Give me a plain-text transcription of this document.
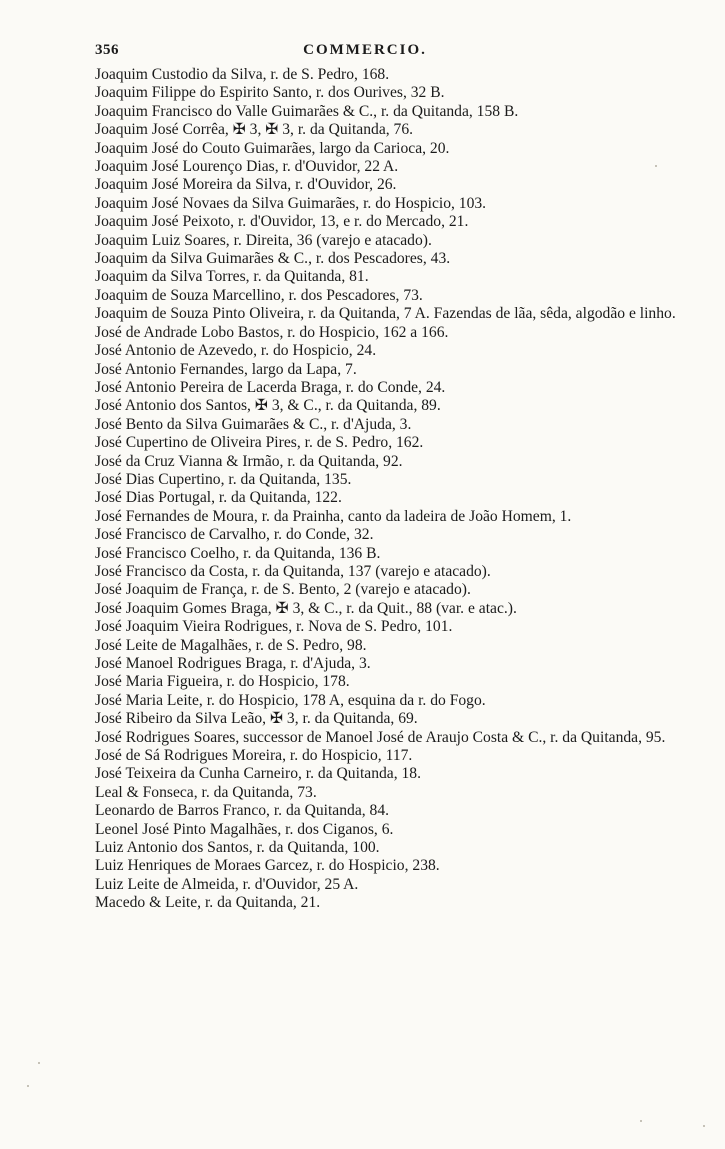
356	COMMERCIO.
Joaquim Custodio da Silva, r. de S. Pedro, 168.
Joaquim Filippe do Espirito Santo, r. dos Ourives, 32 B.
Joaquim Francisco do Valle Guimarães & C., r. da Quitanda, 158 B.
Joaquim José Corrêa, ✠ 3, ✠ 3, r. da Quitanda, 76.
Joaquim José do Couto Guimarães, largo da Carioca, 20.
Joaquim José Lourenço Dias, r. d'Ouvidor, 22 A.
Joaquim José Moreira da Silva, r. d'Ouvidor, 26.
Joaquim José Novaes da Silva Guimarães, r. do Hospicio, 103.
Joaquim José Peixoto, r. d'Ouvidor, 13, e r. do Mercado, 21.
Joaquim Luiz Soares, r. Direita, 36 (varejo e atacado).
Joaquim da Silva Guimarães & C., r. dos Pescadores, 43.
Joaquim da Silva Torres, r. da Quitanda, 81.
Joaquim de Souza Marcellino, r. dos Pescadores, 73.
Joaquim de Souza Pinto Oliveira, r. da Quitanda, 7 A. Fazendas de lãa, sêda, algodão e linho.
José de Andrade Lobo Bastos, r. do Hospicio, 162 a 166.
José Antonio de Azevedo, r. do Hospicio, 24.
José Antonio Fernandes, largo da Lapa, 7.
José Antonio Pereira de Lacerda Braga, r. do Conde, 24.
José Antonio dos Santos, ✠ 3, & C., r. da Quitanda, 89.
José Bento da Silva Guimarães & C., r. d'Ajuda, 3.
José Cupertino de Oliveira Pires, r. de S. Pedro, 162.
José da Cruz Vianna & Irmão, r. da Quitanda, 92.
José Dias Cupertino, r. da Quitanda, 135.
José Dias Portugal, r. da Quitanda, 122.
José Fernandes de Moura, r. da Prainha, canto da ladeira de João Homem, 1.
José Francisco de Carvalho, r. do Conde, 32.
José Francisco Coelho, r. da Quitanda, 136 B.
José Francisco da Costa, r. da Quitanda, 137 (varejo e atacado).
José Joaquim de França, r. de S. Bento, 2 (varejo e atacado).
José Joaquim Gomes Braga, ✠ 3, & C., r. da Quit., 88 (var. e atac.).
José Joaquim Vieira Rodrigues, r. Nova de S. Pedro, 101.
José Leite de Magalhães, r. de S. Pedro, 98.
José Manoel Rodrigues Braga, r. d'Ajuda, 3.
José Maria Figueira, r. do Hospicio, 178.
José Maria Leite, r. do Hospicio, 178 A, esquina da r. do Fogo.
José Ribeiro da Silva Leão, ✠ 3, r. da Quitanda, 69.
José Rodrigues Soares, successor de Manoel José de Araujo Costa & C., r. da Quitanda, 95.
José de Sá Rodrigues Moreira, r. do Hospicio, 117.
José Teixeira da Cunha Carneiro, r. da Quitanda, 18.
Leal & Fonseca, r. da Quitanda, 73.
Leonardo de Barros Franco, r. da Quitanda, 84.
Leonel José Pinto Magalhães, r. dos Ciganos, 6.
Luiz Antonio dos Santos, r. da Quitanda, 100.
Luiz Henriques de Moraes Garcez, r. do Hospicio, 238.
Luiz Leite de Almeida, r. d'Ouvidor, 25 A.
Macedo & Leite, r. da Quitanda, 21.
